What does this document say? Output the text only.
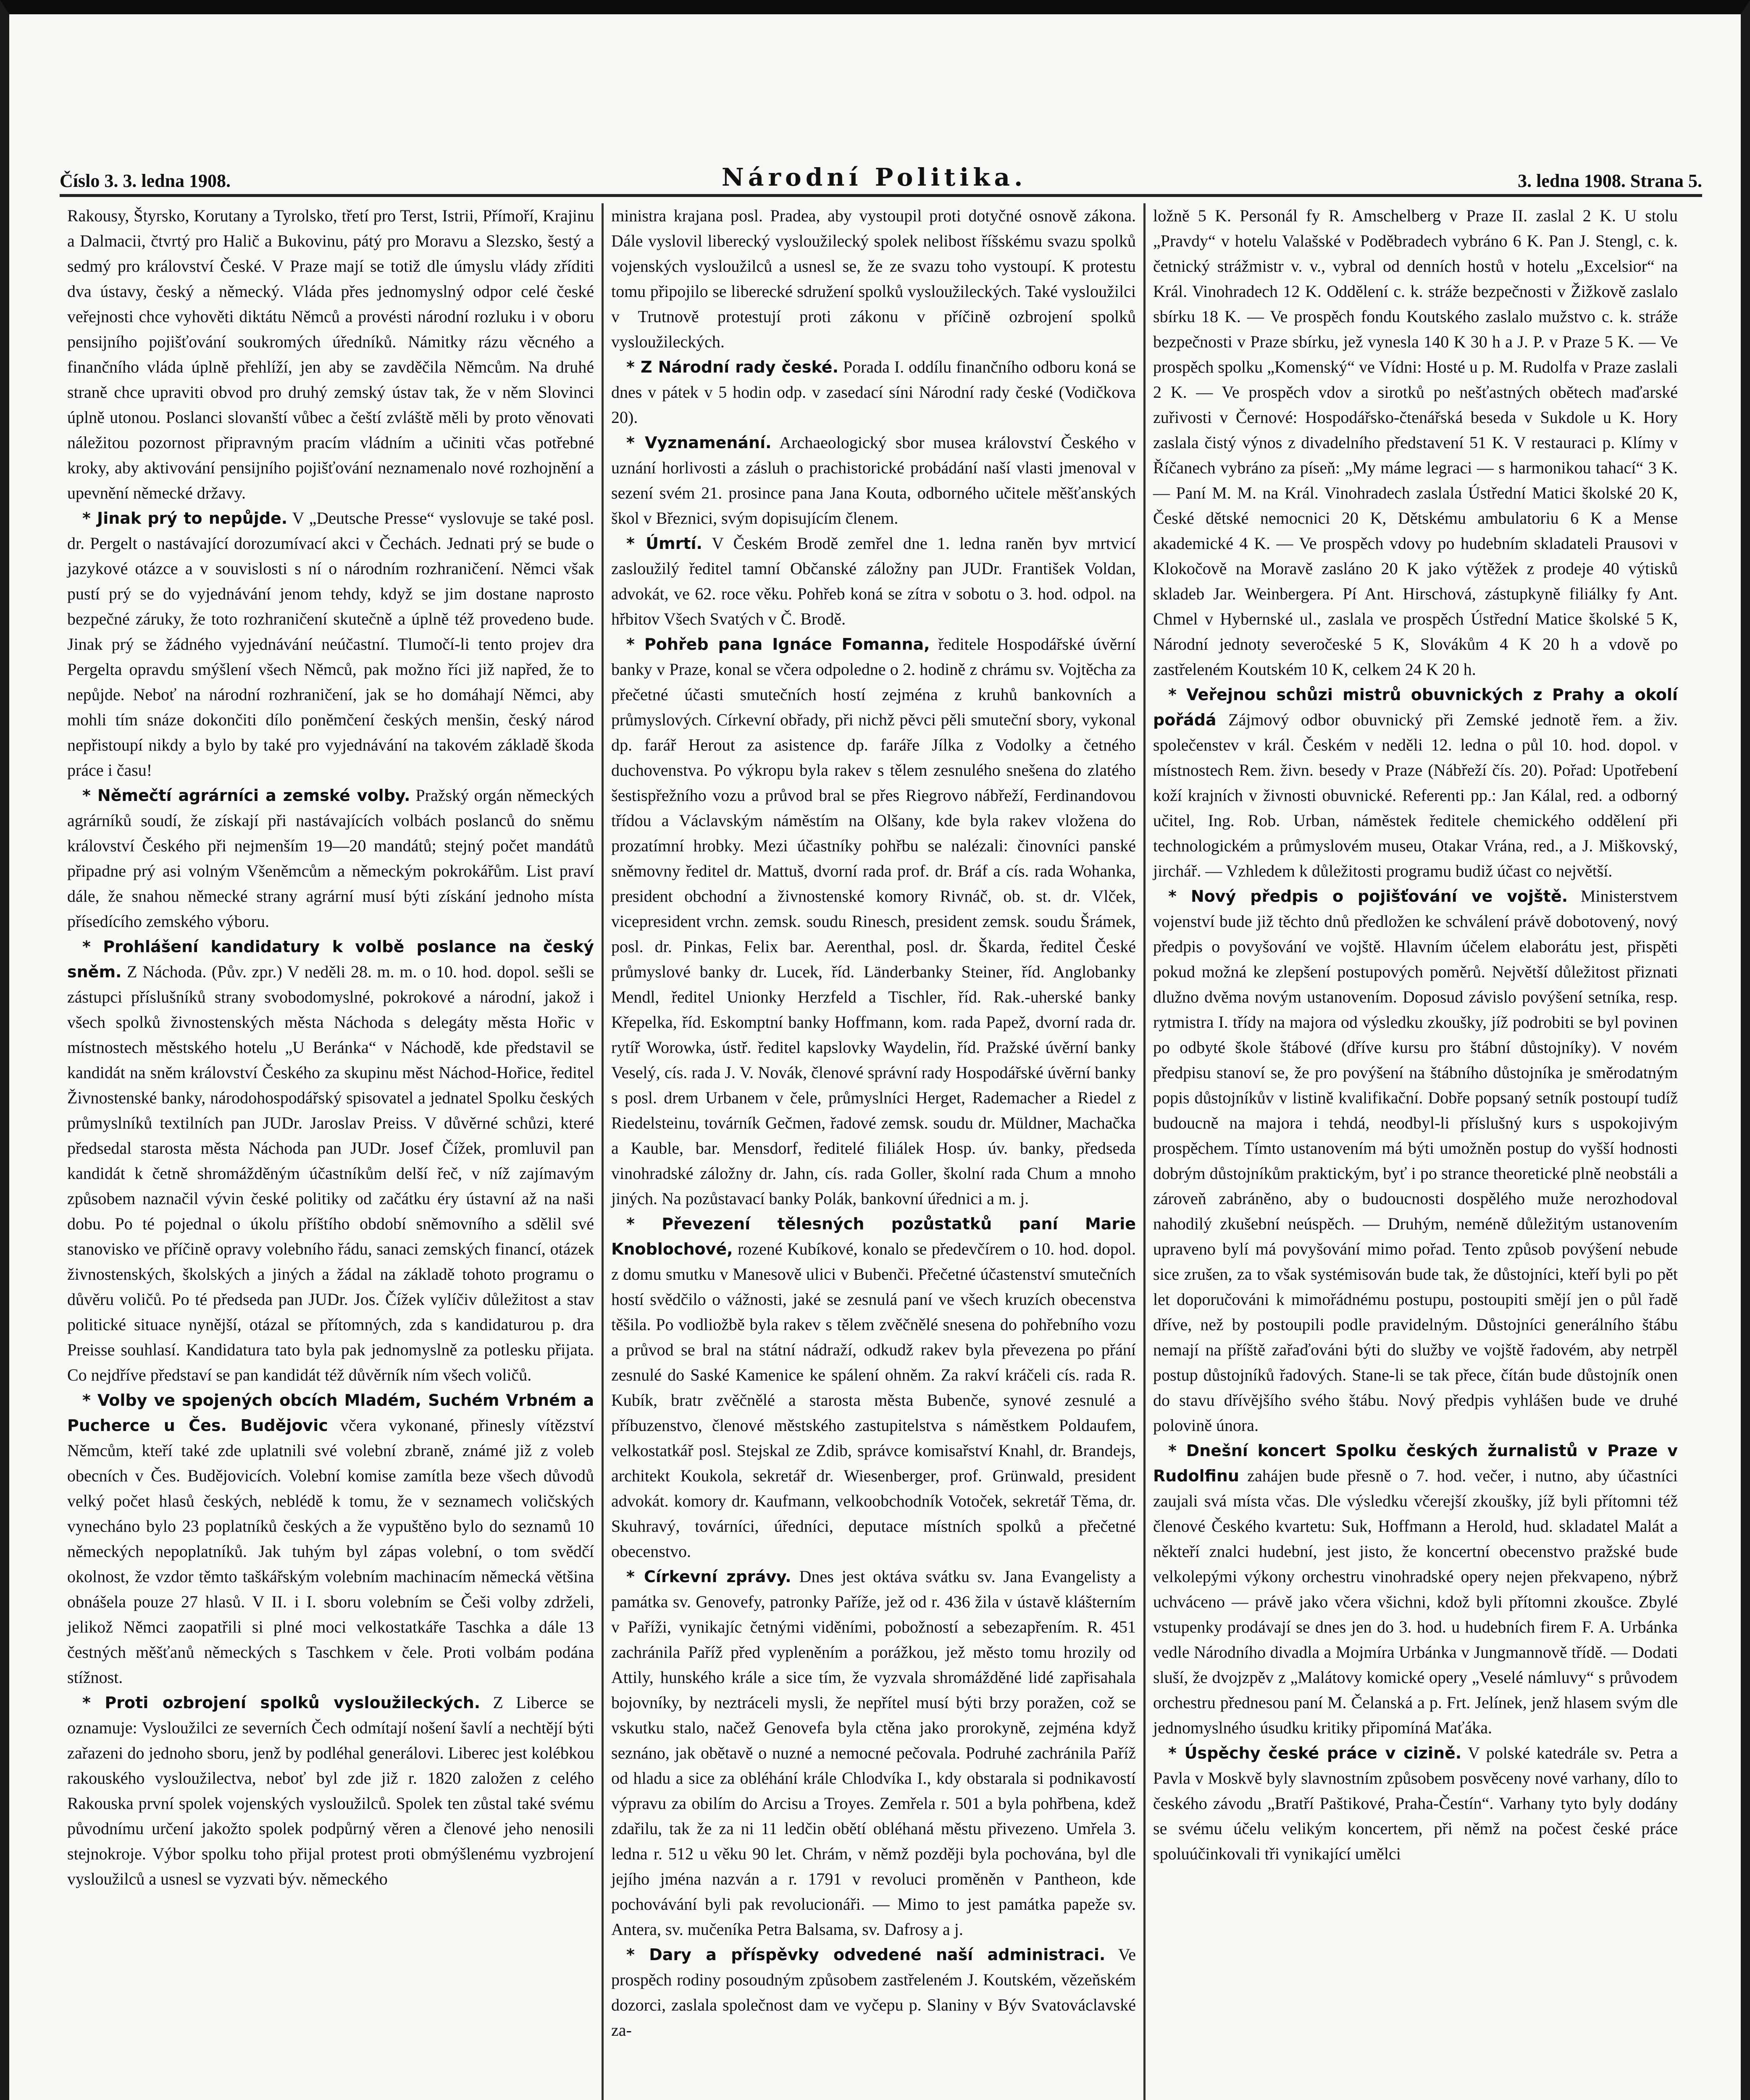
Číslo 3. 3. ledna 1908.	Národní Politika.	3. ledna 1908. Strana 5.

Rakousy, Štyrsko, Korutany a Tyrolsko, třetí pro Terst, Istrii, Přímoří, Krajinu a Dalmacii, čtvrtý pro Halič a Bukovinu, pátý pro Moravu a Slezsko, šestý a sedmý pro království České. V Praze mají se totiž dle úmyslu vlády zříditi dva ústavy, český a německý. Vláda přes jednomyslný odpor celé české veřejnosti chce vyhověti diktátu Němců a provésti národní rozluku i v oboru pensijního pojišťování soukromých úředníků. Námitky rázu věcného a finančního vláda úplně přehlíží, jen aby se zavděčila Němcům. Na druhé straně chce upraviti obvod pro druhý zemský ústav tak, že v něm Slovinci úplně utonou. Poslanci slovanští vůbec a čeští zvláště měli by proto věnovati náležitou pozornost připravným pracím vládním a učiniti včas potřebné kroky, aby aktivování pensijního pojišťování neznamenalo nové rozhojnění a upevnění německé državy.

* Jinak prý to nepůjde. V „Deutsche Presse“ vyslovuje se také posl. dr. Pergelt o nastávající dorozumívací akci v Čechách. Jednati prý se bude o jazykové otázce a v souvislosti s ní o národním rozhraničení. Němci však pustí prý se do vyjednávání jenom tehdy, když se jim dostane naprosto bezpečné záruky, že toto rozhraničení skutečně a úplně též provedeno bude. Jinak prý se žádného vyjednávání neúčastní. Tlumočí-li tento projev dra Pergelta opravdu smýšlení všech Němců, pak možno říci již napřed, že to nepůjde. Neboť na národní rozhraničení, jak se ho domáhají Němci, aby mohli tím snáze dokončiti dílo poněmčení českých menšin, český národ nepřistoupí nikdy a bylo by také pro vyjednávání na takovém základě škoda práce i času!

* Němečtí agrárníci a zemské volby. Pražský orgán německých agrárníků soudí, že získají při nastávajících volbách poslanců do sněmu království Českého při nejmenším 19—20 mandátů; stejný počet mandátů připadne prý asi volným Všeněmcům a německým pokrokářům. List praví dále, že snahou německé strany agrární musí býti získání jednoho místa přísedícího zemského výboru.

* Prohlášení kandidatury k volbě poslance na český sněm. Z Náchoda. (Pův. zpr.) V neděli 28. m. m. o 10. hod. dopol. sešli se zástupci příslušníků strany svobodomyslné, pokrokové a národní, jakož i všech spolků živnostenských města Náchoda s delegáty města Hořic v místnostech městského hotelu „U Beránka“ v Náchodě, kde představil se kandidát na sněm království Českého za skupinu měst Náchod-Hořice, ředitel Živnostenské banky, národohospodářský spisovatel a jednatel Spolku českých průmyslníků textilních pan JUDr. Jaroslav Preiss. V důvěrné schůzi, které předsedal starosta města Náchoda pan JUDr. Josef Čížek, promluvil pan kandidát k četně shromážděným účastníkům delší řeč, v níž zajímavým způsobem naznačil vývin české politiky od začátku éry ústavní až na naši dobu. Po té pojednal o úkolu příštího období sněmovního a sdělil své stanovisko ve příčině opravy volebního řádu, sanaci zemských financí, otázek živnostenských, školských a jiných a žádal na základě tohoto programu o důvěru voličů. Po té předseda pan JUDr. Jos. Čížek vylíčiv důležitost a stav politické situace nynější, otázal se přítomných, zda s kandidaturou p. dra Preisse souhlasí. Kandidatura tato byla pak jednomyslně za potlesku přijata. Co nejdříve představí se pan kandidát též důvěrník ním všech voličů.

* Volby ve spojených obcích Mladém, Suchém Vrbném a Pucherce u Čes. Budějovic včera vykonané, přinesly vítězství Němcům, kteří také zde uplatnili své volební zbraně, známé již z voleb obecních v Čes. Budějovicích. Volební komise zamítla beze všech důvodů velký počet hlasů českých, neblédě k tomu, že v seznamech voličských vynecháno bylo 23 poplatníků českých a že vypuštěno bylo do seznamů 10 německých nepoplatníků. Jak tuhým byl zápas volební, o tom svědčí okolnost, že vzdor těmto taškářským volebním machinacím německá většina obnášela pouze 27 hlasů. V II. i I. sboru volebním se Češi volby zdrželi, jelikož Němci zaopatřili si plné moci velkostatkáře Taschka a dále 13 čestných měšťanů německých s Taschkem v čele. Proti volbám podána stížnost.

* Proti ozbrojení spolků vysloužileckých. Z Liberce se oznamuje: Vysloužilci ze severních Čech odmítají nošení šavlí a nechtějí býti zařazeni do jednoho sboru, jenž by podléhal generálovi. Liberec jest kolébkou rakouského vysloužilectva, neboť byl zde již r. 1820 založen z celého Rakouska první spolek vojenských vysloužilců. Spolek ten zůstal také svému původnímu určení jakožto spolek podpůrný věren a členové jeho nenosili stejnokroje. Výbor spolku toho přijal protest proti obmýšlenému vyzbrojení vysloužilců a usnesl se vyzvati býv. německého

ministra krajana posl. Pradea, aby vystoupil proti dotyčné osnově zákona. Dále vyslovil liberecký vysloužilecký spolek nelibost říšskému svazu spolků vojenských vysloužilců a usnesl se, že ze svazu toho vystoupí. K protestu tomu připojilo se liberecké sdružení spolků vysloužileckých. Také vysloužilci v Trutnově protestují proti zákonu v příčině ozbrojení spolků vysloužileckých.

* Z Národní rady české. Porada I. oddílu finančního odboru koná se dnes v pátek v 5 hodin odp. v zasedací síni Národní rady české (Vodičkova 20).

* Vyznamenání. Archaeologický sbor musea království Českého v uznání horlivosti a zásluh o prachistorické probádání naší vlasti jmenoval v sezení svém 21. prosince pana Jana Kouta, odborného učitele měšťanských škol v Březnici, svým dopisujícím členem.

* Úmrtí. V Českém Brodě zemřel dne 1. ledna raněn byv mrtvicí zasloužilý ředitel tamní Občanské záložny pan JUDr. František Voldan, advokát, ve 62. roce věku. Pohřeb koná se zítra v sobotu o 3. hod. odpol. na hřbitov Všech Svatých v Č. Brodě.

* Pohřeb pana Ignáce Fomanna, ředitele Hospodářské úvěrní banky v Praze, konal se včera odpoledne o 2. hodině z chrámu sv. Vojtěcha za přečetné účasti smutečních hostí zejména z kruhů bankovních a průmyslových. Církevní obřady, při nichž pěvci pěli smuteční sbory, vykonal dp. farář Herout za asistence dp. faráře Jílka z Vodolky a četného duchovenstva. Po výkropu byla rakev s tělem zesnulého snešena do zlatého šestispřežního vozu a průvod bral se přes Riegrovo nábřeží, Ferdinandovou třídou a Václavským náměstím na Olšany, kde byla rakev vložena do prozatímní hrobky. Mezi účastníky pohřbu se nalézali: činovníci panské sněmovny ředitel dr. Mattuš, dvorní rada prof. dr. Bráf a cís. rada Wohanka, president obchodní a živnostenské komory Rivnáč, ob. st. dr. Vlček, vicepresident vrchn. zemsk. soudu Rinesch, president zemsk. soudu Šrámek, posl. dr. Pinkas, Felix bar. Aerenthal, posl. dr. Škarda, ředitel České průmyslové banky dr. Lucek, říd. Länderbanky Steiner, říd. Anglobanky Mendl, ředitel Unionky Herzfeld a Tischler, říd. Rak.-uherské banky Křepelka, říd. Eskomptní banky Hoffmann, kom. rada Papež, dvorní rada dr. rytíř Worowka, ústř. ředitel kapslovky Waydelin, říd. Pražské úvěrní banky Veselý, cís. rada J. V. Novák, členové správní rady Hospodářské úvěrní banky s posl. drem Urbanem v čele, průmyslníci Herget, Rademacher a Riedel z Riedelsteinu, továrník Gečmen, řadové zemsk. soudu dr. Müldner, Machačka a Kauble, bar. Mensdorf, ředitelé filiálek Hosp. úv. banky, předseda vinohradské záložny dr. Jahn, cís. rada Goller, školní rada Chum a mnoho jiných. Na pozůstavací banky Polák, bankovní úřednici a m. j.

* Převezení tělesných pozůstatků paní Marie Knoblochové, rozené Kubíkové, konalo se předevčírem o 10. hod. dopol. z domu smutku v Manesově ulici v Bubenči. Přečetné účastenství smutečních hostí svědčilo o vážnosti, jaké se zesnulá paní ve všech kruzích obecenstva těšila. Po vodliožbě byla rakev s tělem zvěčnělé snesena do pohřebního vozu a průvod se bral na státní nádraží, odkudž rakev byla převezena po přání zesnulé do Saské Kamenice ke spálení ohněm. Za rakví kráčeli cís. rada R. Kubík, bratr zvěčnělé a starosta města Bubenče, synové zesnulé a příbuzenstvo, členové městského zastupitelstva s náměstkem Poldaufem, velkostatkář posl. Stejskal ze Zdib, správce komisařství Knahl, dr. Brandejs, architekt Koukola, sekretář dr. Wiesenberger, prof. Grünwald, president advokát. komory dr. Kaufmann, velkoobchodník Votoček, sekretář Těma, dr. Skuhravý, továrníci, úředníci, deputace místních spolků a přečetné obecenstvo.

* Církevní zprávy. Dnes jest oktáva svátku sv. Jana Evangelisty a památka sv. Genovefy, patronky Paříže, jež od r. 436 žila v ústavě klášterním v Paříži, vynikajíc četnými viděními, pobožností a sebezapřením. R. 451 zachránila Paříž před vypleněním a porážkou, jež město tomu hrozily od Attily, hunského krále a sice tím, že vyzvala shromážděné lidé zapřisahala bojovníky, by neztráceli mysli, že nepřítel musí býti brzy poražen, což se vskutku stalo, načež Genovefa byla ctěna jako prorokyně, zejména když seznáno, jak obětavě o nuzné a nemocné pečovala. Podruhé zachránila Paříž od hladu a sice za obléhání krále Chlodvíka I., kdy obstarala si podnikavostí výpravu za obilím do Arcisu a Troyes. Zemřela r. 501 a byla pohřbena, kdež zdařilu, tak že za ni 11 ledčin obětí obléhaná městu přivezeno. Umřela 3. ledna r. 512 u věku 90 let. Chrám, v němž později byla pochována, byl dle jejího jména nazván a r. 1791 v revoluci proměněn v Pantheon, kde pochovávání byli pak revolucionáři. — Mimo to jest památka papeže sv. Antera, sv. mučeníka Petra Balsama, sv. Dafrosy a j.

* Dary a příspěvky odvedené naší administraci. Ve prospěch rodiny posoudným způsobem zastřeleném J. Koutském, vězeňském dozorci, zaslala společnost dam ve vyčepu p. Slaniny v Býv Svatováclavské za-

ložně 5 K. Personál fy R. Amschelberg v Praze II. zaslal 2 K. U stolu „Pravdy“ v hotelu Valašské v Poděbradech vybráno 6 K. Pan J. Stengl, c. k. četnický strážmistr v. v., vybral od denních hostů v hotelu „Excelsior“ na Král. Vinohradech 12 K. Oddělení c. k. stráže bezpečnosti v Žižkově zaslalo sbírku 18 K. — Ve prospěch fondu Koutského zaslalo mužstvo c. k. stráže bezpečnosti v Praze sbírku, jež vynesla 140 K 30 h a J. P. v Praze 5 K. — Ve prospěch spolku „Komenský“ ve Vídni: Hosté u p. M. Rudolfa v Praze zaslali 2 K. — Ve prospěch vdov a sirotků po nešťastných obětech maďarské zuřivosti v Černové: Hospodářsko-čtenářská beseda v Sukdole u K. Hory zaslala čistý výnos z divadelního představení 51 K. V restauraci p. Klímy v Říčanech vybráno za píseň: „My máme legraci — s harmonikou tahací“ 3 K. — Paní M. M. na Král. Vinohradech zaslala Ústřední Matici školské 20 K, České dětské nemocnici 20 K, Dětskému ambulatoriu 6 K a Mense akademické 4 K. — Ve prospěch vdovy po hudebním skladateli Prausovi v Klokočově na Moravě zasláno 20 K jako výtěžek z prodeje 40 výtisků skladeb Jar. Weinbergera. Pí Ant. Hirschová, zástupkyně filiálky fy Ant. Chmel v Hybernské ul., zaslala ve prospěch Ústřední Matice školské 5 K, Národní jednoty severočeské 5 K, Slovákům 4 K 20 h a vdově po zastřeleném Koutském 10 K, celkem 24 K 20 h.

* Veřejnou schůzi mistrů obuvnických z Prahy a okolí pořádá Zájmový odbor obuvnický při Zemské jednotě řem. a živ. společenstev v král. Českém v neděli 12. ledna o půl 10. hod. dopol. v místnostech Rem. živn. besedy v Praze (Nábřeží čís. 20). Pořad: Upotřebení koží krajních v živnosti obuvnické. Referenti pp.: Jan Kálal, red. a odborný učitel, Ing. Rob. Urban, náměstek ředitele chemického oddělení při technologickém a průmyslovém museu, Otakar Vrána, red., a J. Miškovský, jirchář. — Vzhledem k důležitosti programu budiž účast co největší.

* Nový předpis o pojišťování ve vojště. Ministerstvem vojenství bude již těchto dnů předložen ke schválení právě dobotovený, nový předpis o povyšování ve vojště. Hlavním účelem elaborátu jest, přispěti pokud možná ke zlepšení postupových poměrů. Největší důležitost přiznati dlužno dvěma novým ustanovením. Doposud závislo povýšení setníka, resp. rytmistra I. třídy na majora od výsledku zkoušky, jíž podrobiti se byl povinen po odbyté škole štábové (dříve kursu pro štábní důstojníky). V novém předpisu stanoví se, že pro povýšení na štábního důstojníka je směrodatným popis důstojníkův v listině kvalifikační. Dobře popsaný setník postoupí tudíž budoucně na majora i tehdá, neodbyl-li příslušný kurs s uspokojivým prospěchem. Tímto ustanovením má býti umožněn postup do vyšší hodnosti dobrým důstojníkům praktickým, byť i po strance theoretické plně neobstáli a zároveň zabráněno, aby o budoucnosti dospělého muže nerozhodoval nahodilý zkušební neúspěch. — Druhým, neméně důležitým ustanovením upraveno bylí má povyšování mimo pořad. Tento způsob povýšení nebude sice zrušen, za to však systémisován bude tak, že důstojníci, kteří byli po pět let doporučováni k mimořádnému postupu, postoupiti smějí jen o půl řadě dříve, než by postoupili podle pravidelným. Důstojníci generálního štábu nemají na příště zařaďováni býti do služby ve vojště řadovém, aby netrpěl postup důstojníků řadových. Stane-li se tak přece, čítán bude důstojník onen do stavu dřívějšího svého štábu. Nový předpis vyhlášen bude ve druhé polovině února.

* Dnešní koncert Spolku českých žurnalistů v Praze v Rudolfinu zahájen bude přesně o 7. hod. večer, i nutno, aby účastníci zaujali svá místa včas. Dle výsledku včerejší zkoušky, jíž byli přítomni též členové Českého kvartetu: Suk, Hoffmann a Herold, hud. skladatel Malát a někteří znalci hudební, jest jisto, že koncertní obecenstvo pražské bude velkolepými výkony orchestru vinohradské opery nejen překvapeno, nýbrž uchváceno — právě jako včera všichni, kdož byli přítomni zkoušce. Zbylé vstupenky prodávají se dnes jen do 3. hod. u hudebních firem F. A. Urbánka vedle Národního divadla a Mojmíra Urbánka v Jungmannově třídě. — Dodati sluší, že dvojzpěv z „Malátovy komické opery „Veselé námluvy“ s průvodem orchestru přednesou paní M. Čelanská a p. Frt. Jelínek, jenž hlasem svým dle jednomyslného úsudku kritiky připomíná Maťáka.

* Úspěchy české práce v cizině. V polské katedrále sv. Petra a Pavla v Moskvě byly slavnostním způsobem posvěceny nové varhany, dílo to českého závodu „Bratří Paštikové, Praha-Čestín“. Varhany tyto byly dodány se svému účelu velikým koncertem, při němž na počest české práce spoluúčinkovali tři vynikající umělci
